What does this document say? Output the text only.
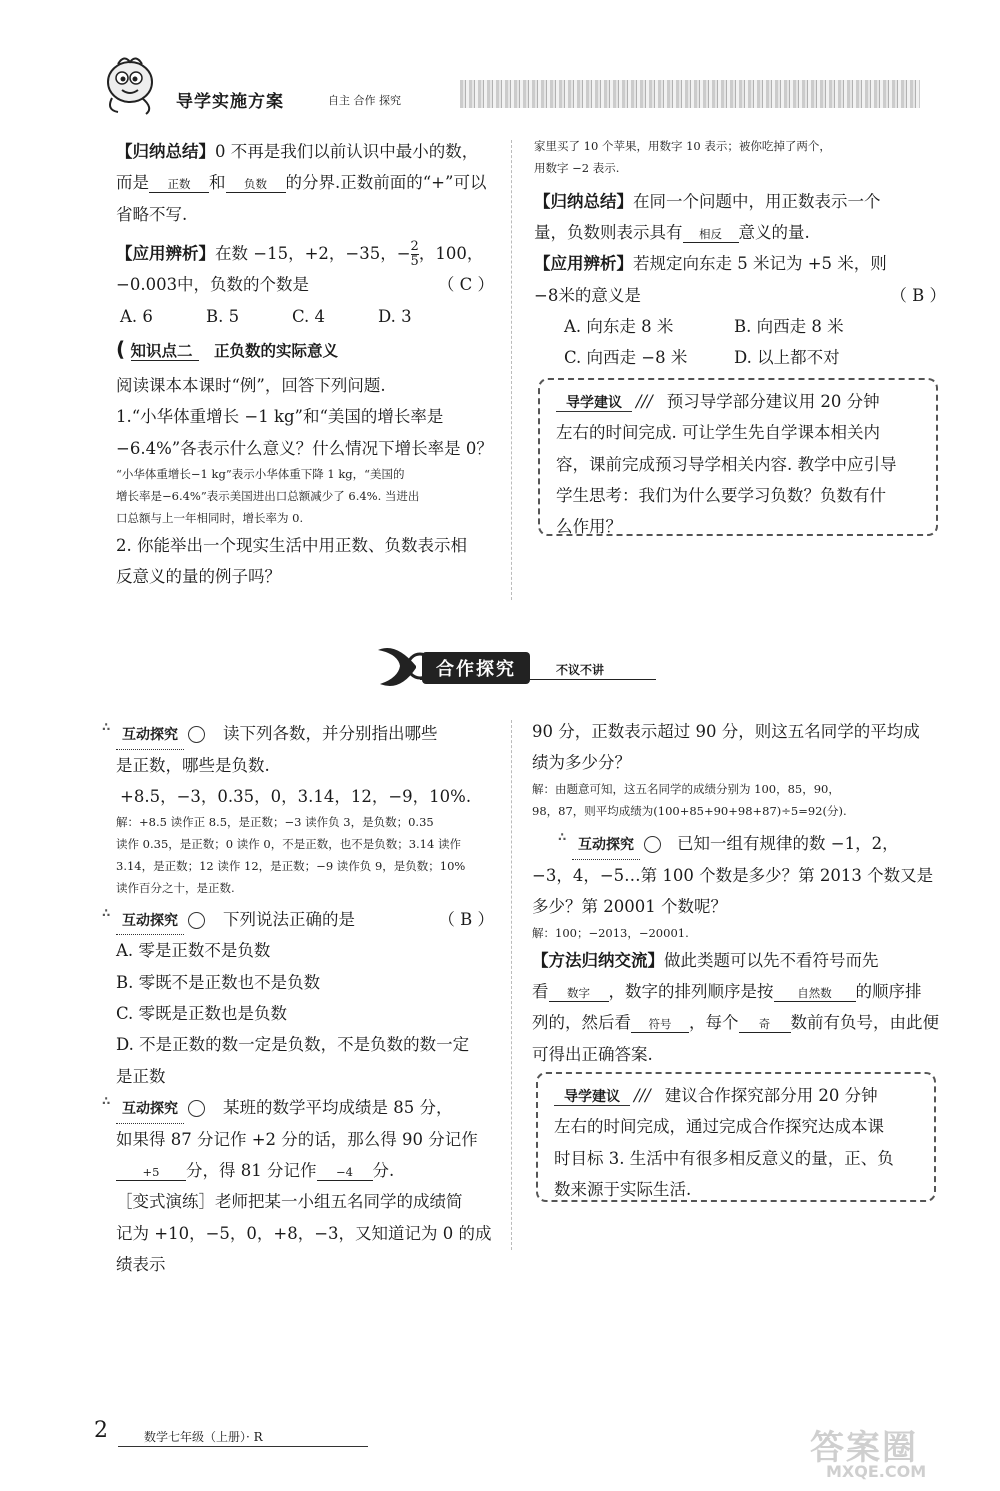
导学实施方案	自主 合作 探究
【归纳总结】0 不再是我们以前认识中最小的数，
而是 正数 和 负数 的分界.正数前面的“+”可以
省略不写.
【应用辨析】在数 −15，+2，−35，− $\frac{2}{5}$ ，100，
−0.003中，负数的个数是	（ C ）
A. 6	B. 5	C. 4	D. 3
( 知识点二 正负数的实际意义
阅读课本本课时“例”，回答下列问题.
1.“小华体重增长 −1 kg”和“美国的增长率是
−6.4%”各表示什么意义？什么情况下增长率是 0？
“小华体重增长−1 kg”表示小华体重下降 1 kg，“美国的
增长率是−6.4%”表示美国进出口总额减少了 6.4%. 当进出
口总额与上一年相同时，增长率为 0.
2. 你能举出一个现实生活中用正数、负数表示相
反意义的量的例子吗？
家里买了 10 个苹果，用数字 10 表示；被你吃掉了两个，
用数字 −2 表示.
【归纳总结】在同一个问题中，用正数表示一个
量，负数则表示具有 相反 意义的量.
【应用辨析】若规定向东走 5 米记为 +5 米，则
−8米的意义是	（ B ）
A. 向东走 8 米	B. 向西走 8 米
C. 向西走 −8 米	D. 以上都不对
导学建议 /// 预习导学部分建议用 20 分钟
左右的时间完成. 可让学生先自学课本相关内
容，课前完成预习导学相关内容. 教学中应引导
学生思考：我们为什么要学习负数？负数有什
么作用？
合作探究	不议不讲
∴ 互动探究	读下列各数，并分别指出哪些
是正数，哪些是负数.
+8.5，−3，0.35，0，3.14，12，−9，10%.
解：+8.5 读作正 8.5，是正数；−3 读作负 3，是负数；0.35
读作 0.35，是正数；0 读作 0，不是正数，也不是负数；3.14 读作
3.14，是正数；12 读作 12，是正数；−9 读作负 9，是负数；10%
读作百分之十，是正数.
∴ 互动探究	下列说法正确的是	（ B ）
A. 零是正数不是负数
B. 零既不是正数也不是负数
C. 零既是正数也是负数
D. 不是正数的数一定是负数，不是负数的数一定
是正数
∴ 互动探究	某班的数学平均成绩是 85 分，
如果得 87 分记作 +2 分的话，那么得 90 分记作
+5 分，得 81 分记作 −4 分.
［变式演练］老师把某一小组五名同学的成绩简
记为 +10，−5，0，+8，−3，又知道记为 0 的成绩表示
90 分，正数表示超过 90 分，则这五名同学的平均成
绩为多少分？
解：由题意可知，这五名同学的成绩分别为 100，85，90，
98，87，则平均成绩为(100+85+90+98+87)÷5=92(分).
∴ 互动探究	已知一组有规律的数 −1，2，
−3，4，−5…第 100 个数是多少？第 2013 个数又是
多少？第 20001 个数呢？
解：100；−2013，−20001.
【方法归纳交流】做此类题可以先不看符号而先
看 数字 ，数字的排列顺序是按 自然数 的顺序排
列的，然后看 符号 ，每个 奇 数前有负号，由此便
可得出正确答案.
导学建议 /// 建议合作探究部分用 20 分钟
左右的时间完成，通过完成合作探究达成本课
时目标 3. 生活中有很多相反意义的量，正、负
数来源于实际生活.
2	数学七年级（上册）· R	答案圈
MXQE.COM
